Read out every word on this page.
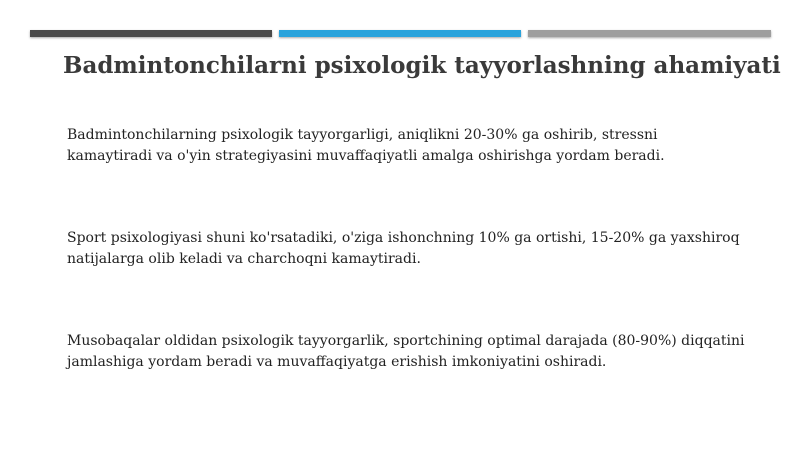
Badmintonchilarni psixologik tayyorlashning ahamiyati

Badmintonchilarning psixologik tayyorgarligi, aniqlikni 20-30% ga oshirib, stressni
kamaytiradi va o'yin strategiyasini muvaffaqiyatli amalga oshirishga yordam beradi.

Sport psixologiyasi shuni ko'rsatadiki, o'ziga ishonchning 10% ga ortishi, 15-20% ga yaxshiroq
natijalarga olib keladi va charchoqni kamaytiradi.

Musobaqalar oldidan psixologik tayyorgarlik, sportchining optimal darajada (80-90%) diqqatini
jamlashiga yordam beradi va muvaffaqiyatga erishish imkoniyatini oshiradi.
